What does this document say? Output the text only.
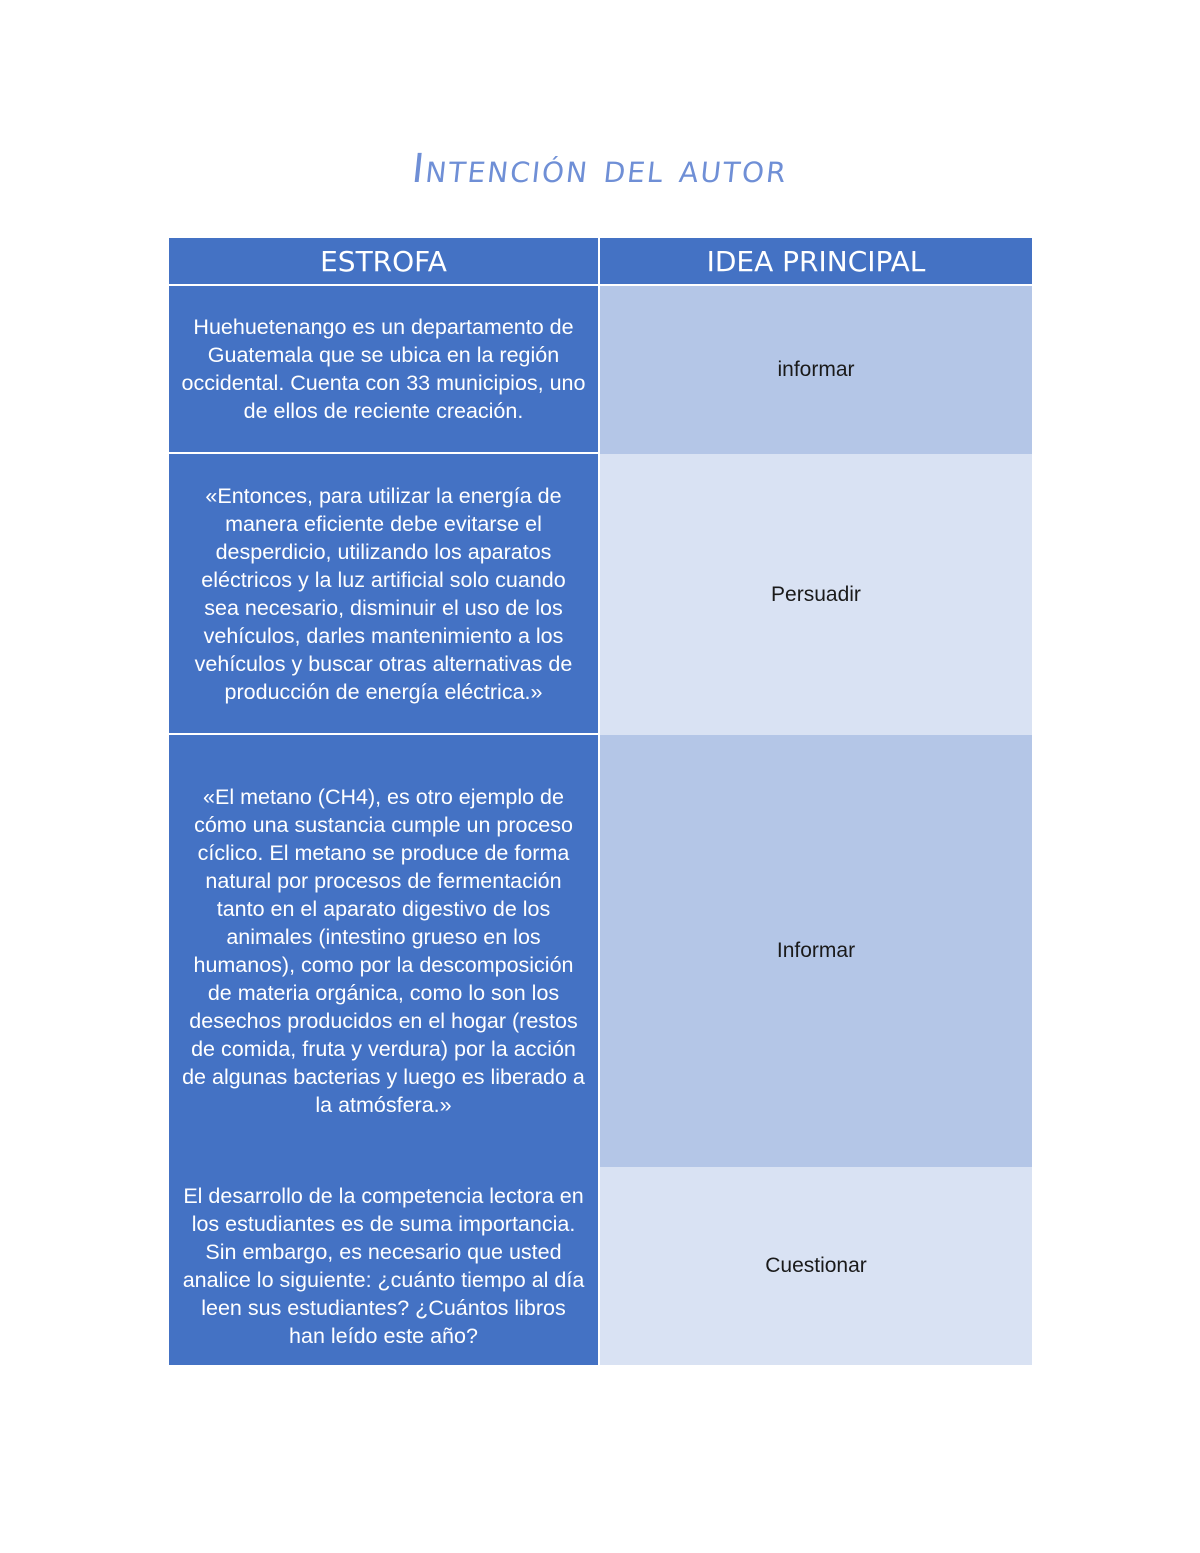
Intención del autor
ESTROFA	IDEA PRINCIPAL
Huehuetenango es un departamento de Guatemala que se ubica en la región occidental. Cuenta con 33 municipios, uno de ellos de reciente creación.
informar
«Entonces, para utilizar la energía de manera eficiente debe evitarse el desperdicio, utilizando los aparatos eléctricos y la luz artificial solo cuando sea necesario, disminuir el uso de los vehículos, darles mantenimiento a los vehículos y buscar otras alternativas de producción de energía eléctrica.»
Persuadir
«El metano (CH4), es otro ejemplo de cómo una sustancia cumple un proceso cíclico. El metano se produce de forma natural por procesos de fermentación tanto en el aparato digestivo de los animales (intestino grueso en los humanos), como por la descomposición de materia orgánica, como lo son los desechos producidos en el hogar (restos de comida, fruta y verdura) por la acción de algunas bacterias y luego es liberado a la atmósfera.»
Informar
El desarrollo de la competencia lectora en los estudiantes es de suma importancia. Sin embargo, es necesario que usted analice lo siguiente: ¿cuánto tiempo al día leen sus estudiantes? ¿Cuántos libros han leído este año?
Cuestionar
